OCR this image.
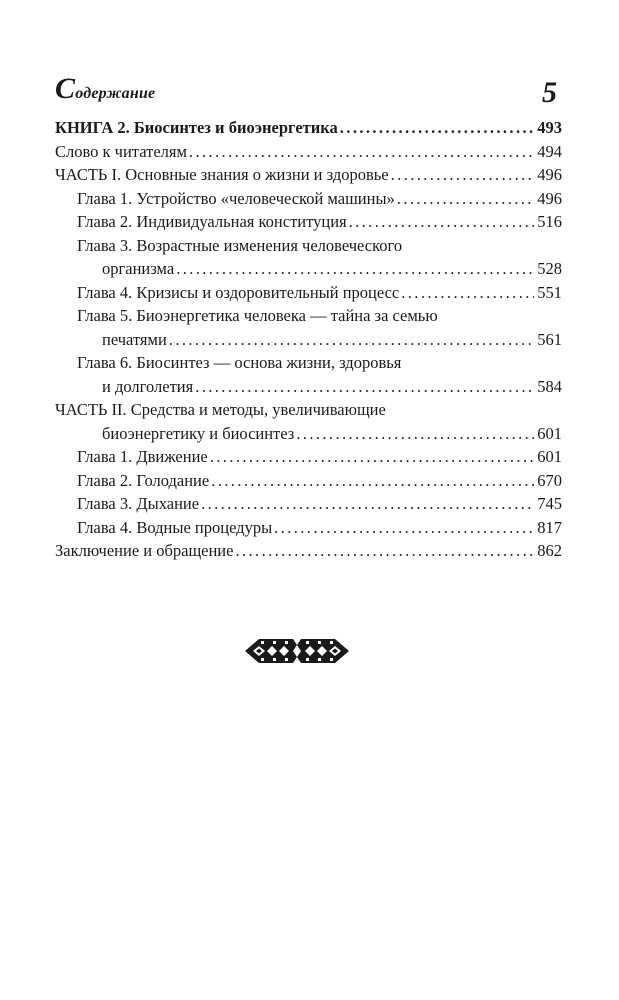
Содержание	5
КНИГА 2. Биосинтез и биоэнергетика .....	493
Слово к читателям .....	494
ЧАСТЬ I. Основные знания о жизни и здоровье .....	496
Глава 1. Устройство «человеческой машины» .....	496
Глава 2. Индивидуальная конституция .....	516
Глава 3. Возрастные изменения человеческого
организма .....	528
Глава 4. Кризисы и оздоровительный процесс .....	551
Глава 5. Биоэнергетика человека — тайна за семью
печатями .....	561
Глава 6. Биосинтез — основа жизни, здоровья
и долголетия .....	584
ЧАСТЬ II. Средства и методы, увеличивающие
биоэнергетику и биосинтез .....	601
Глава 1. Движение .....	601
Глава 2. Голодание .....	670
Глава 3. Дыхание .....	745
Глава 4. Водные процедуры .....	817
Заключение и обращение .....	862
